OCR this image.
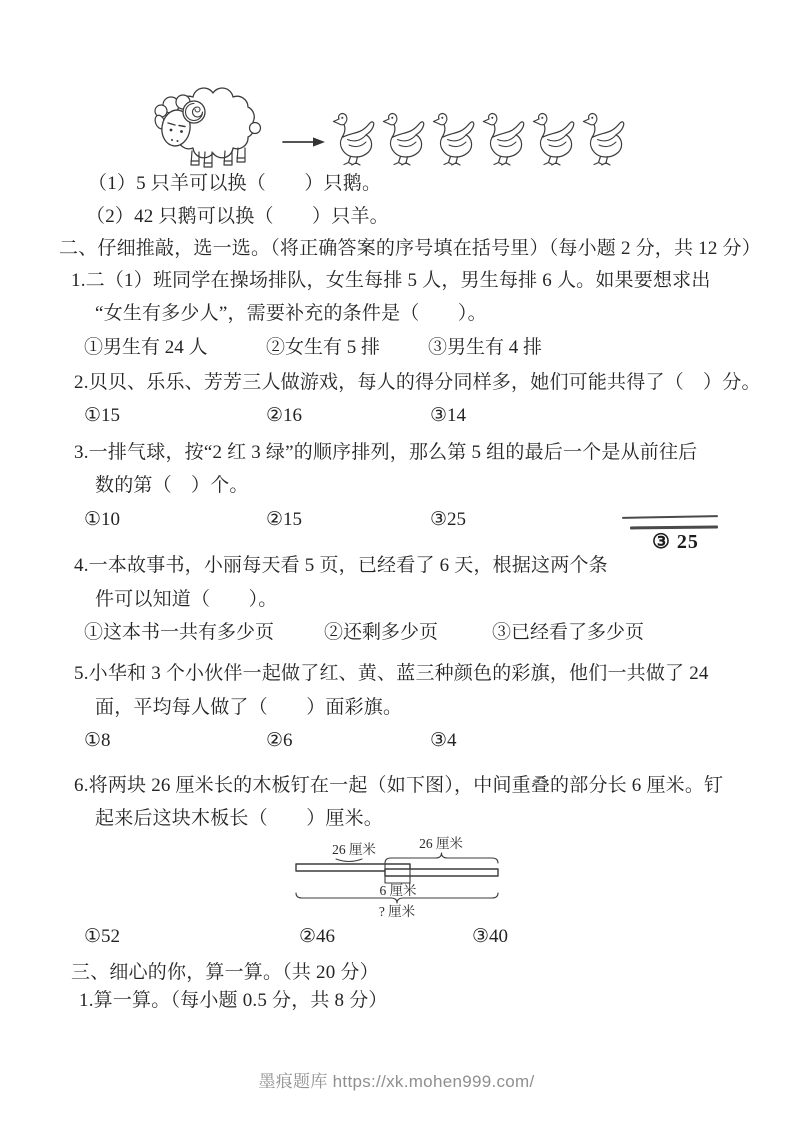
（1）5 只羊可以换（　　）只鹅。
（2）42 只鹅可以换（　　）只羊。
二、仔细推敲，选一选。（将正确答案的序号填在括号里）（每小题 2 分，共 12 分）
1.二（1）班同学在操场排队，女生每排 5 人，男生每排 6 人。如果要想求出
“女生有多少人”，需要补充的条件是（　　）。
①男生有 24 人	②女生有 5 排	③男生有 4 排
2.贝贝、乐乐、芳芳三人做游戏，每人的得分同样多，她们可能共得了（　）分。
①15	②16	③14
3.一排气球，按“2 红 3 绿”的顺序排列，那么第 5 组的最后一个是从前往后
数的第（　）个。
①10	②15	③25
③ 25
4.一本故事书，小丽每天看 5 页，已经看了 6 天，根据这两个条
件可以知道（　　）。
①这本书一共有多少页	②还剩多少页	③已经看了多少页
5.小华和 3 个小伙伴一起做了红、黄、蓝三种颜色的彩旗，他们一共做了 24
面，平均每人做了（　　）面彩旗。
①8	②6	③4
6.将两块 26 厘米长的木板钉在一起（如下图），中间重叠的部分长 6 厘米。钉
起来后这块木板长（　　）厘米。
26 厘米	26 厘米
6 厘米
? 厘米
①52	②46	③40
三、细心的你，算一算。（共 20 分）
1.算一算。（每小题 0.5 分，共 8 分）
墨痕题库 https://xk.mohen999.com/
